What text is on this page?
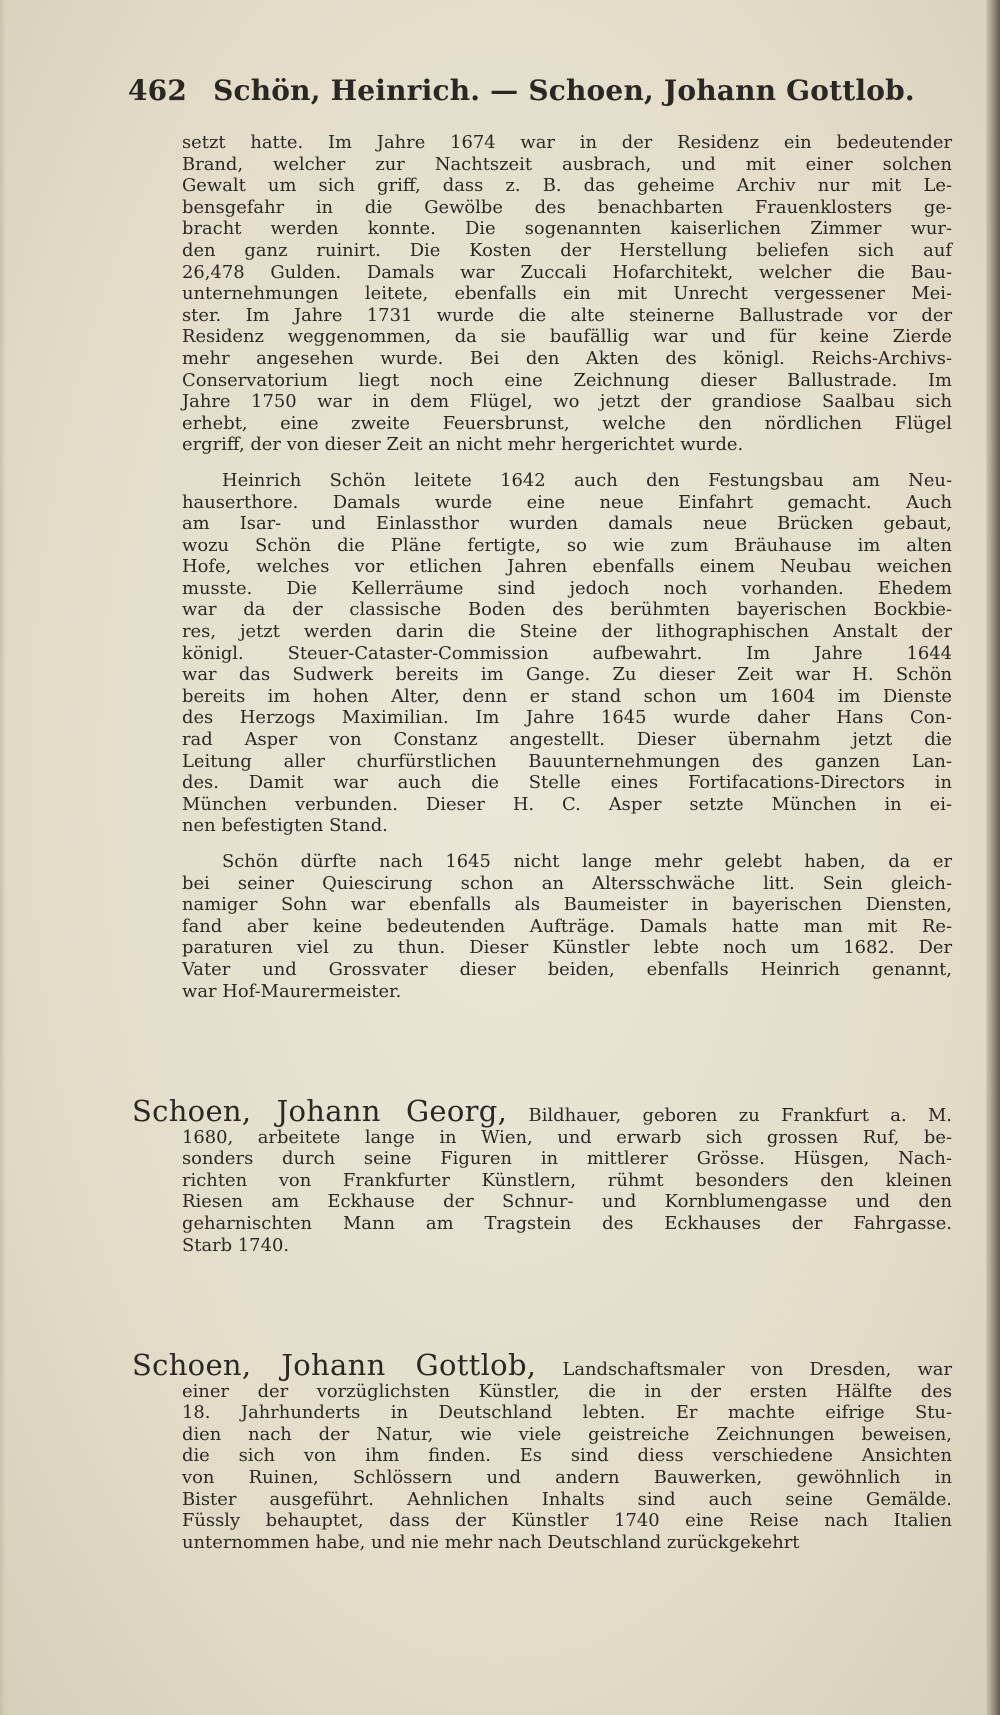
462 Schön, Heinrich. — Schoen, Johann Gottlob.

setzt hatte. Im Jahre 1674 war in der Residenz ein bedeutender
Brand, welcher zur Nachtszeit ausbrach, und mit einer solchen
Gewalt um sich griff, dass z. B. das geheime Archiv nur mit Le-
bensgefahr in die Gewölbe des benachbarten Frauenklosters ge-
bracht werden konnte. Die sogenannten kaiserlichen Zimmer wur-
den ganz ruinirt. Die Kosten der Herstellung beliefen sich auf
26,478 Gulden. Damals war Zuccali Hofarchitekt, welcher die Bau-
unternehmungen leitete, ebenfalls ein mit Unrecht vergessener Mei-
ster. Im Jahre 1731 wurde die alte steinerne Ballustrade vor der
Residenz weggenommen, da sie baufällig war und für keine Zierde
mehr angesehen wurde. Bei den Akten des königl. Reichs-Archivs-
Conservatorium liegt noch eine Zeichnung dieser Ballustrade. Im
Jahre 1750 war in dem Flügel, wo jetzt der grandiose Saalbau sich
erhebt, eine zweite Feuersbrunst, welche den nördlichen Flügel
ergriff, der von dieser Zeit an nicht mehr hergerichtet wurde.

Heinrich Schön leitete 1642 auch den Festungsbau am Neu-
hauserthore. Damals wurde eine neue Einfahrt gemacht. Auch
am Isar- und Einlassthor wurden damals neue Brücken gebaut,
wozu Schön die Pläne fertigte, so wie zum Bräuhause im alten
Hofe, welches vor etlichen Jahren ebenfalls einem Neubau weichen
musste. Die Kellerräume sind jedoch noch vorhanden. Ehedem
war da der classische Boden des berühmten bayerischen Bockbie-
res, jetzt werden darin die Steine der lithographischen Anstalt der
königl. Steuer-Cataster-Commission aufbewahrt. Im Jahre 1644
war das Sudwerk bereits im Gange. Zu dieser Zeit war H. Schön
bereits im hohen Alter, denn er stand schon um 1604 im Dienste
des Herzogs Maximilian. Im Jahre 1645 wurde daher Hans Con-
rad Asper von Constanz angestellt. Dieser übernahm jetzt die
Leitung aller churfürstlichen Bauunternehmungen des ganzen Lan-
des. Damit war auch die Stelle eines Fortifacations-Directors in
München verbunden. Dieser H. C. Asper setzte München in ei-
nen befestigten Stand.

Schön dürfte nach 1645 nicht lange mehr gelebt haben, da er
bei seiner Quiescirung schon an Altersschwäche litt. Sein gleich-
namiger Sohn war ebenfalls als Baumeister in bayerischen Diensten,
fand aber keine bedeutenden Aufträge. Damals hatte man mit Re-
paraturen viel zu thun. Dieser Künstler lebte noch um 1682. Der
Vater und Grossvater dieser beiden, ebenfalls Heinrich genannt,
war Hof-Maurermeister.

Schoen, Johann Georg, Bildhauer, geboren zu Frankfurt a. M.
1680, arbeitete lange in Wien, und erwarb sich grossen Ruf, be-
sonders durch seine Figuren in mittlerer Grösse. Hüsgen, Nach-
richten von Frankfurter Künstlern, rühmt besonders den kleinen
Riesen am Eckhause der Schnur- und Kornblumengasse und den
geharnischten Mann am Tragstein des Eckhauses der Fahrgasse.
Starb 1740.
Schoen, Johann Gottlob, Landschaftsmaler von Dresden, war
einer der vorzüglichsten Künstler, die in der ersten Hälfte des
18. Jahrhunderts in Deutschland lebten. Er machte eifrige Stu-
dien nach der Natur, wie viele geistreiche Zeichnungen beweisen,
die sich von ihm finden. Es sind diess verschiedene Ansichten
von Ruinen, Schlössern und andern Bauwerken, gewöhnlich in
Bister ausgeführt. Aehnlichen Inhalts sind auch seine Gemälde.
Füssly behauptet, dass der Künstler 1740 eine Reise nach Italien
unternommen habe, und nie mehr nach Deutschland zurückgekehrt
